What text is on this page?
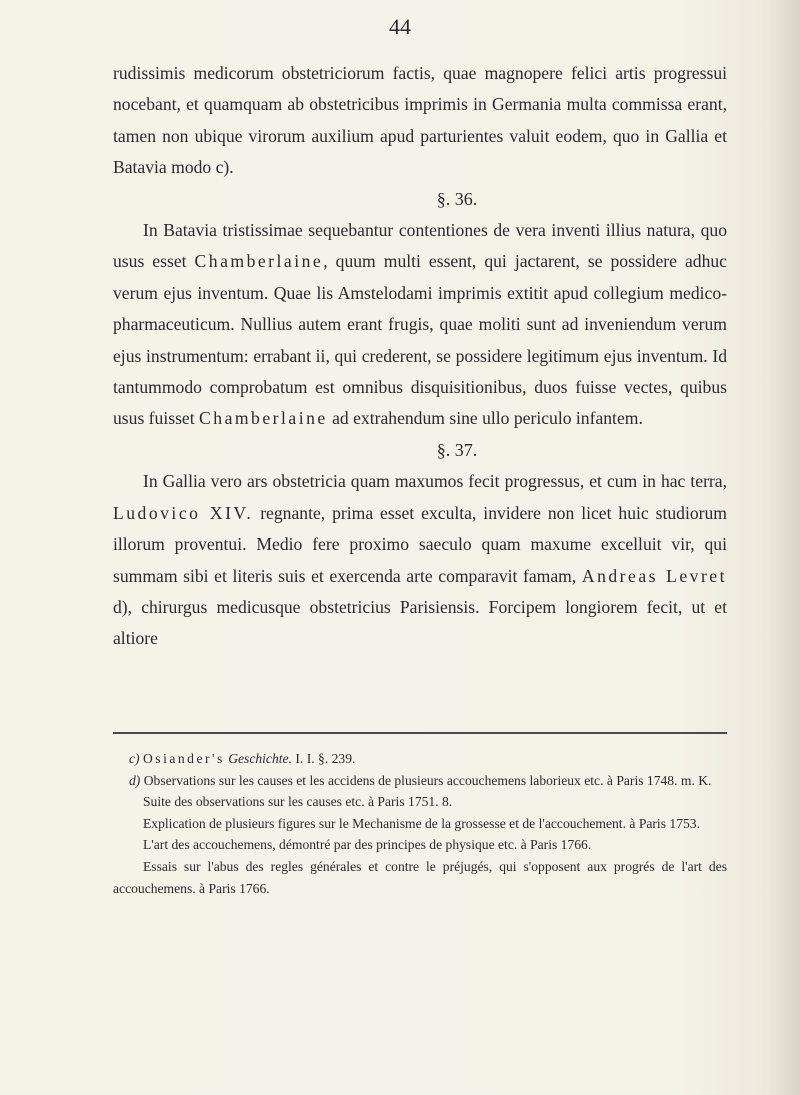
44

rudissimis medicorum obstetriciorum factis, quae magnopere felici artis progressui nocebant, et quamquam ab obstetricibus imprimis in Germania multa commissa erant, tamen non ubique virorum auxilium apud parturientes valuit eodem, quo in Gallia et Batavia modo c).

§. 36.

In Batavia tristissimae sequebantur contentiones de vera inventi illius natura, quo usus esset Chamberlaine, quum multi essent, qui jactarent, se possidere adhuc verum ejus inventum. Quae lis Amstelodami imprimis extitit apud collegium medico-pharmaceuticum. Nullius autem erant frugis, quae moliti sunt ad inveniendum verum ejus instrumentum: errabant ii, qui crederent, se possidere legitimum ejus inventum. Id tantummodo comprobatum est omnibus disquisitionibus, duos fuisse vectes, quibus usus fuisset Chamberlaine ad extrahendum sine ullo periculo infantem.

§. 37.

In Gallia vero ars obstetricia quam maxumos fecit progressus, et cum in hac terra, Ludovico XIV. regnante, prima esset exculta, invidere non licet huic studiorum illorum proventui. Medio fere proximo saeculo quam maxume excelluit vir, qui summam sibi et literis suis et exercenda arte comparavit famam, Andreas Levret d), chirurgus medicusque obstetricius Parisiensis. Forcipem longiorem fecit, ut et altiore

c) Osiander's Geschichte. I. I. §. 239.

d) Observations sur les causes et les accidens de plusieurs accouchemens laborieux etc. à Paris 1748. m. K.

Suite des observations sur les causes etc. à Paris 1751. 8.

Explication de plusieurs figures sur le Mechanisme de la grossesse et de l'accouchement. à Paris 1753.

L'art des accouchemens, démontré par des principes de physique etc. à Paris 1766.

Essais sur l'abus des regles générales et contre le préjugés, qui s'opposent aux progrés de l'art des accouchemens. à Paris 1766.
